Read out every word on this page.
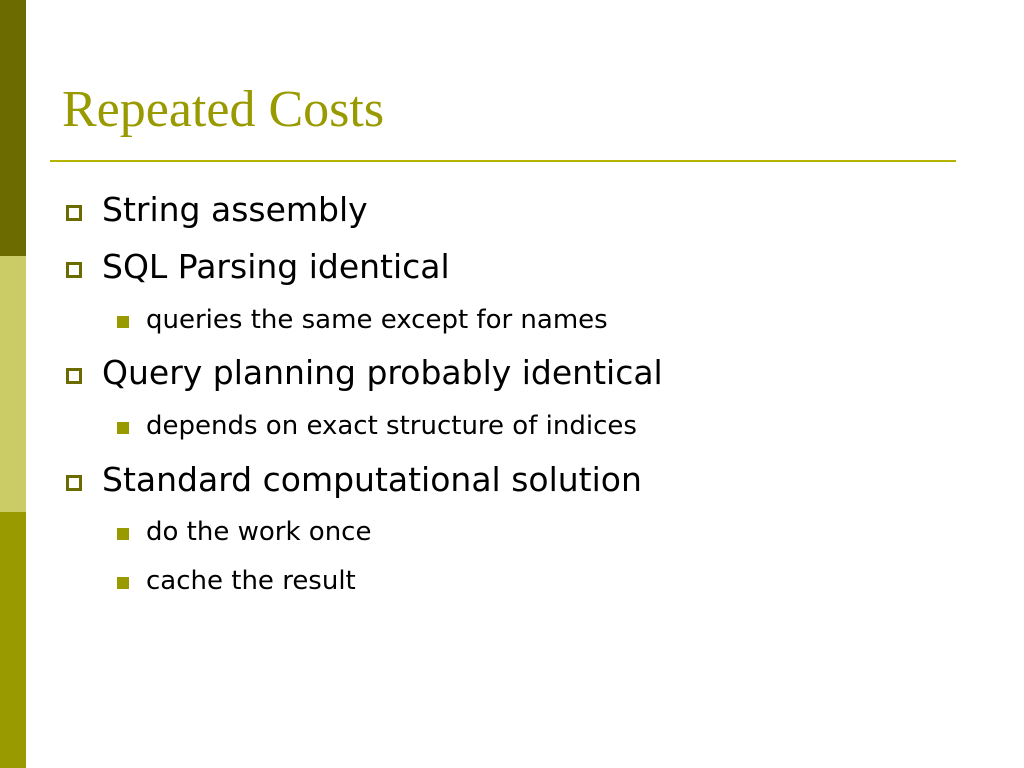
Repeated Costs
String assembly
SQL Parsing identical
queries the same except for names
Query planning probably identical
depends on exact structure of indices
Standard computational solution
do the work once
cache the result
